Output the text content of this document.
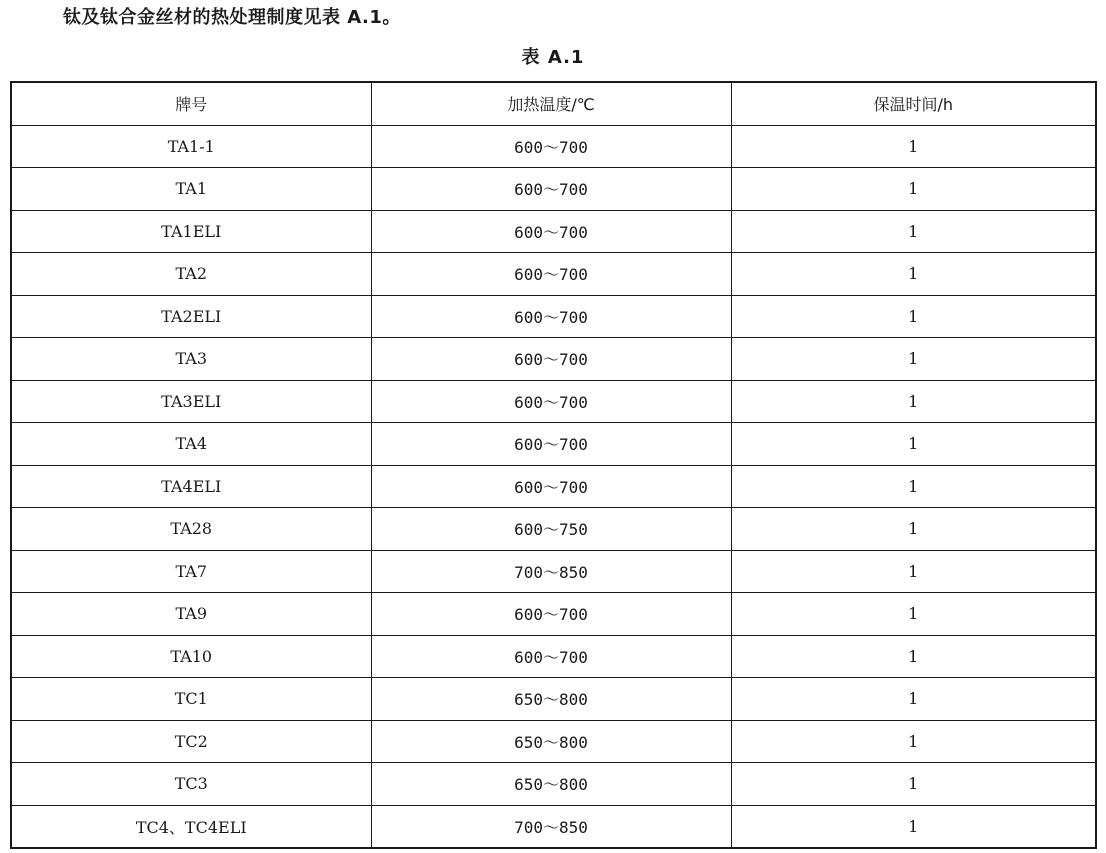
钛及钛合金丝材的热处理制度见表 A.1。
表 A.1
牌号	加热温度/℃	保温时间/h
TA1-1	600～700	1
TA1	600～700	1
TA1ELI	600～700	1
TA2	600～700	1
TA2ELI	600～700	1
TA3	600～700	1
TA3ELI	600～700	1
TA4	600～700	1
TA4ELI	600～700	1
TA28	600～750	1
TA7	700～850	1
TA9	600～700	1
TA10	600～700	1
TC1	650～800	1
TC2	650～800	1
TC3	650～800	1
TC4、TC4ELI	700～850	1
